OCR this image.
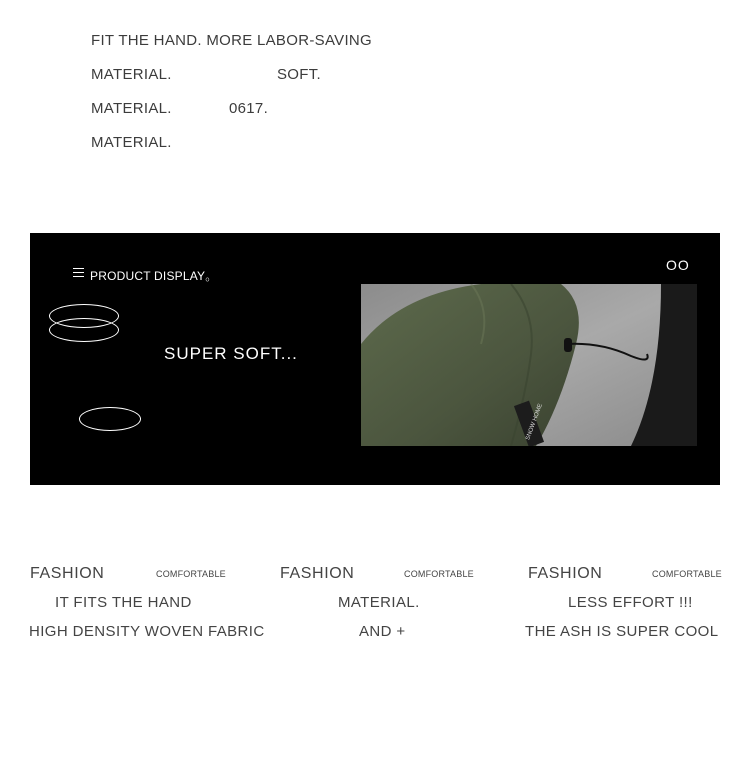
FIT THE HAND. MORE LABOR-SAVING
MATERIAL.	SOFT.
MATERIAL.	0617.
MATERIAL.
PRODUCT DISPLAY。
SUPER SOFT...
OO
SNOW HOME
FASHION	COMFORTABLE
IT FITS THE HAND
HIGH DENSITY WOVEN FABRIC
FASHION	COMFORTABLE
MATERIAL.
AND +
FASHION	COMFORTABLE
LESS EFFORT !!!
THE ASH IS SUPER COOL
